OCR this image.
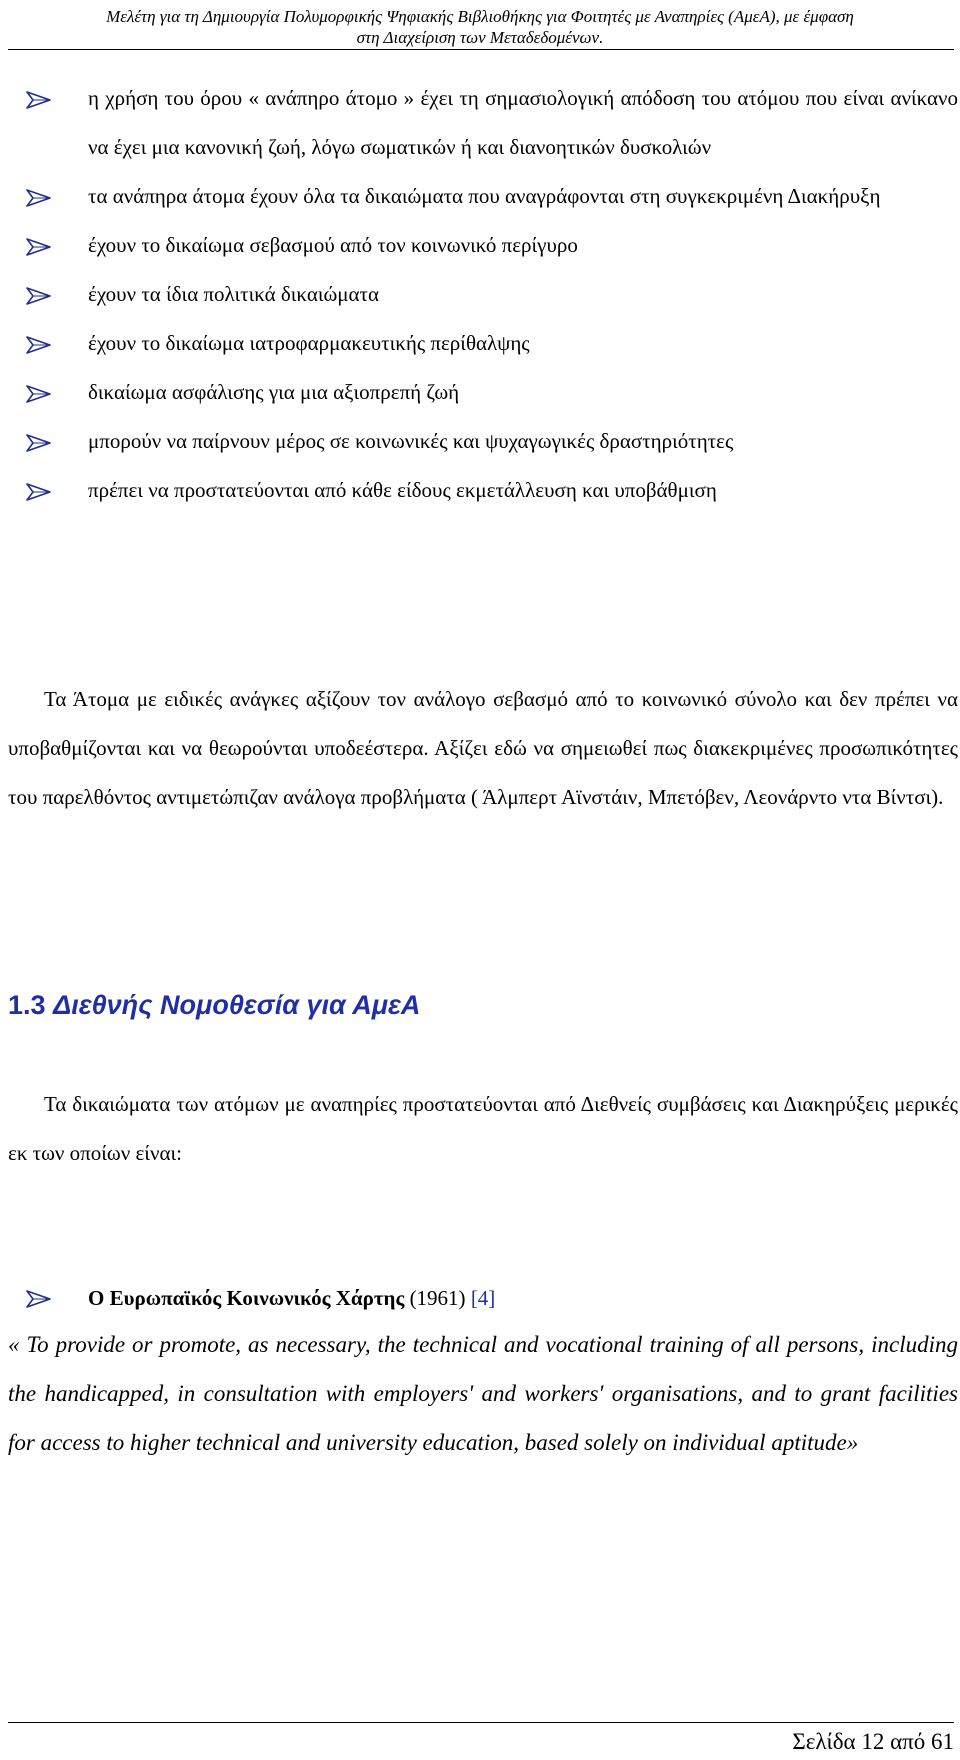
Μελέτη για τη Δημιουργία Πολυμορφικής Ψηφιακής Βιβλιοθήκης για Φοιτητές με Αναπηρίες (ΑμεΑ), με έμφαση
στη Διαχείριση των Μεταδεδομένων.
η χρήση του όρου « ανάπηρο άτομο » έχει τη σημασιολογική απόδοση του ατόμου που είναι ανίκανο να έχει μια κανονική ζωή, λόγω σωματικών ή και διανοητικών δυσκολιών
τα ανάπηρα άτομα έχουν όλα τα δικαιώματα που αναγράφονται στη συγκεκριμένη Διακήρυξη
έχουν το δικαίωμα σεβασμού από τον κοινωνικό περίγυρο
έχουν τα ίδια πολιτικά δικαιώματα
έχουν το δικαίωμα ιατροφαρμακευτικής περίθαλψης
δικαίωμα ασφάλισης για μια αξιοπρεπή ζωή
μπορούν να παίρνουν μέρος σε κοινωνικές και ψυχαγωγικές δραστηριότητες
πρέπει να προστατεύονται από κάθε είδους εκμετάλλευση και υποβάθμιση

Τα Άτομα με ειδικές ανάγκες αξίζουν τον ανάλογο σεβασμό από το κοινωνικό σύνολο και δεν πρέπει να υποβαθμίζονται και να θεωρούνται υποδεέστερα. Αξίζει εδώ να σημειωθεί πως διακεκριμένες προσωπικότητες του παρελθόντος αντιμετώπιζαν ανάλογα προβλήματα ( Άλμπερτ Αϊνστάιν, Μπετόβεν, Λεονάρντο ντα Βίντσι).

1.3 Διεθνής Νομοθεσία για ΑμεΑ

Τα δικαιώματα των ατόμων με αναπηρίες προστατεύονται από Διεθνείς συμβάσεις και Διακηρύξεις μερικές εκ των οποίων είναι:

Ο Ευρωπαϊκός Κοινωνικός Χάρτης (1961) [4]

« To provide or promote, as necessary, the technical and vocational training of all persons, including the handicapped, in consultation with employers' and workers' organisations, and to grant facilities for access to higher technical and university education, based solely on individual aptitude»

Σελίδα 12 από 61
